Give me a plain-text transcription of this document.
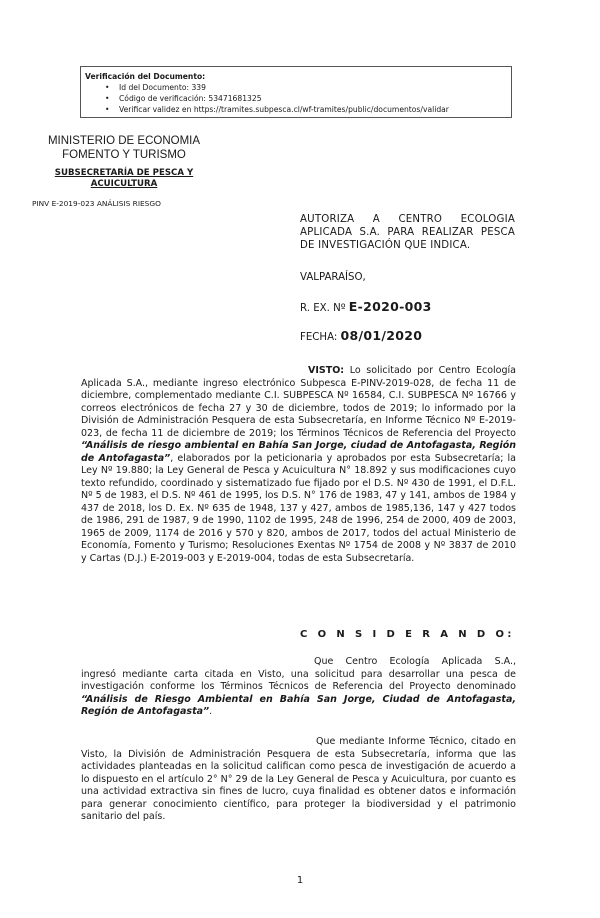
Verificación del Documento:
• Id del Documento: 339
• Código de verificación: 53471681325
• Verificar validez en https://tramites.subpesca.cl/wf-tramites/public/documentos/validar
MINISTERIO DE ECONOMIA
FOMENTO Y TURISMO
SUBSECRETARÍA DE PESCA Y
ACUICULTURA
PINV E-2019-023 ANÁLISIS RIESGO
AUTORIZA A CENTRO ECOLOGIA APLICADA S.A. PARA REALIZAR PESCA DE INVESTIGACIÓN QUE INDICA.
VALPARAÍSO,
R. EX. Nº E-2020-003
FECHA: 08/01/2020
VISTO: Lo solicitado por Centro Ecología Aplicada S.A., mediante ingreso electrónico Subpesca E-PINV-2019-028, de fecha 11 de diciembre, complementado mediante C.I. SUBPESCA Nº 16584, C.I. SUBPESCA Nº 16766 y correos electrónicos de fecha 27 y 30 de diciembre, todos de 2019; lo informado por la División de Administración Pesquera de esta Subsecretaría, en Informe Técnico Nº E-2019-023, de fecha 11 de diciembre de 2019; los Términos Técnicos de Referencia del Proyecto “Análisis de riesgo ambiental en Bahía San Jorge, ciudad de Antofagasta, Región de Antofagasta”, elaborados por la peticionaria y aprobados por esta Subsecretaría; la Ley Nº 19.880; la Ley General de Pesca y Acuicultura N° 18.892 y sus modificaciones cuyo texto refundido, coordinado y sistematizado fue fijado por el D.S. Nº 430 de 1991, el D.F.L. Nº 5 de 1983, el D.S. Nº 461 de 1995, los D.S. N° 176 de 1983, 47 y 141, ambos de 1984 y 437 de 2018, los D. Ex. Nº 635 de 1948, 137 y 427, ambos de 1985,136, 147 y 427 todos de 1986, 291 de 1987, 9 de 1990, 1102 de 1995, 248 de 1996, 254 de 2000, 409 de 2003, 1965 de 2009, 1174 de 2016 y 570 y 820, ambos de 2017, todos del actual Ministerio de Economía, Fomento y Turismo; Resoluciones Exentas Nº 1754 de 2008 y Nº 3837 de 2010 y Cartas (D.J.) E-2019-003 y E-2019-004, todas de esta Subsecretaría.
C O N S I D E R A N D O:
Que Centro Ecología Aplicada S.A., ingresó mediante carta citada en Visto, una solicitud para desarrollar una pesca de investigación conforme los Términos Técnicos de Referencia del Proyecto denominado “Análisis de Riesgo Ambiental en Bahía San Jorge, Ciudad de Antofagasta, Región de Antofagasta”.
Que mediante Informe Técnico, citado en Visto, la División de Administración Pesquera de esta Subsecretaría, informa que las actividades planteadas en la solicitud califican como pesca de investigación de acuerdo a lo dispuesto en el artículo 2° N° 29 de la Ley General de Pesca y Acuicultura, por cuanto es una actividad extractiva sin fines de lucro, cuya finalidad es obtener datos e información para generar conocimiento científico, para proteger la biodiversidad y el patrimonio sanitario del país.
1
